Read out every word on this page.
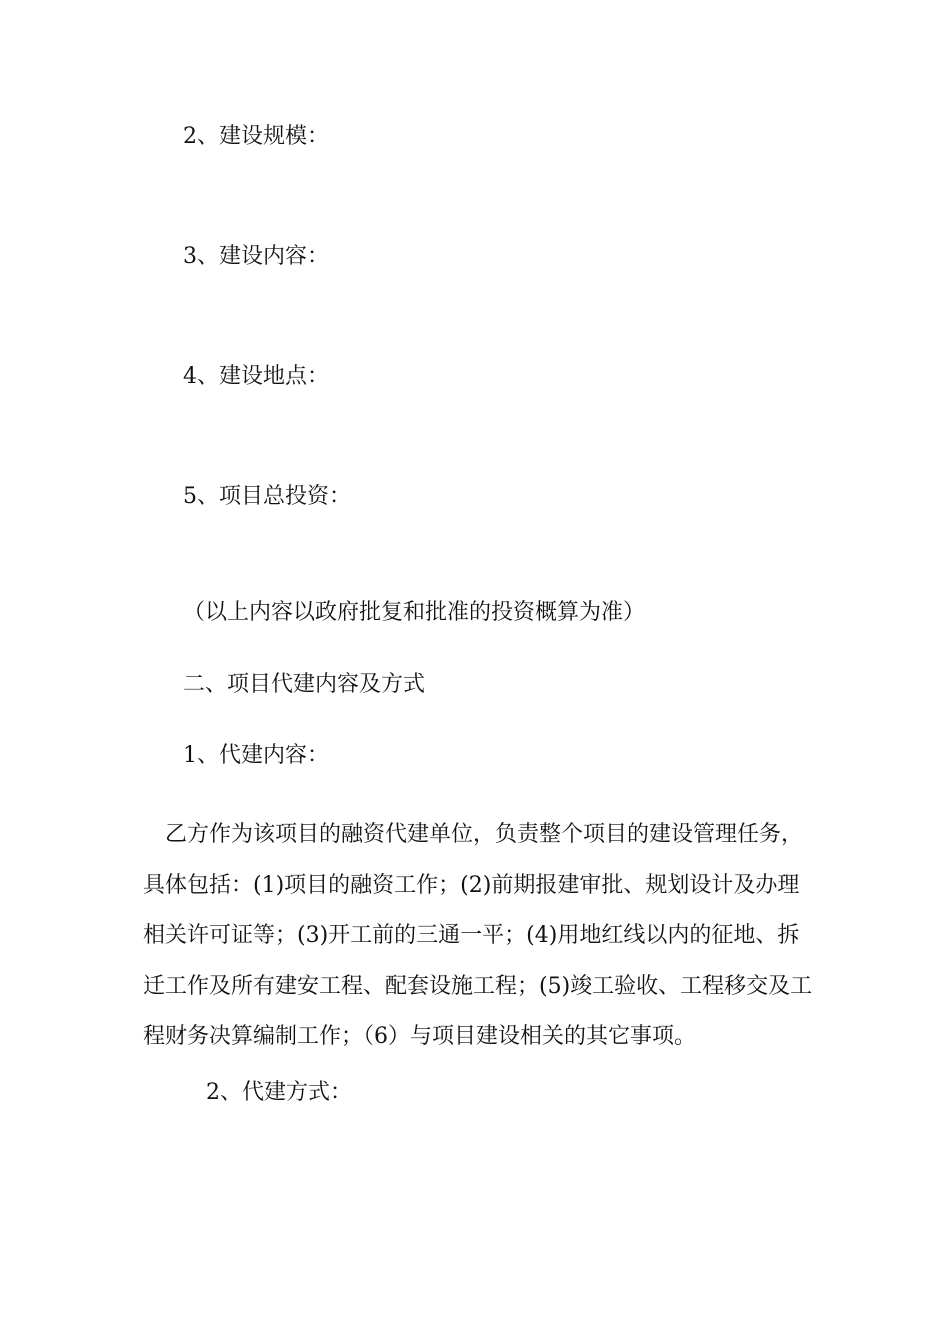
2、建设规模：
3、建设内容：
4、建设地点：
5、项目总投资：
（以上内容以政府批复和批准的投资概算为准）
二、项目代建内容及方式
1、代建内容：

　乙方作为该项目的融资代建单位，负责整个项目的建设管理任务，
具体包括：(1)项目的融资工作；(2)前期报建审批、规划设计及办理
相关许可证等；(3)开工前的三通一平；(4)用地红线以内的征地、拆
迁工作及所有建安工程、配套设施工程；(5)竣工验收、工程移交及工
程财务决算编制工作；（6）与项目建设相关的其它事项。

2、代建方式：
